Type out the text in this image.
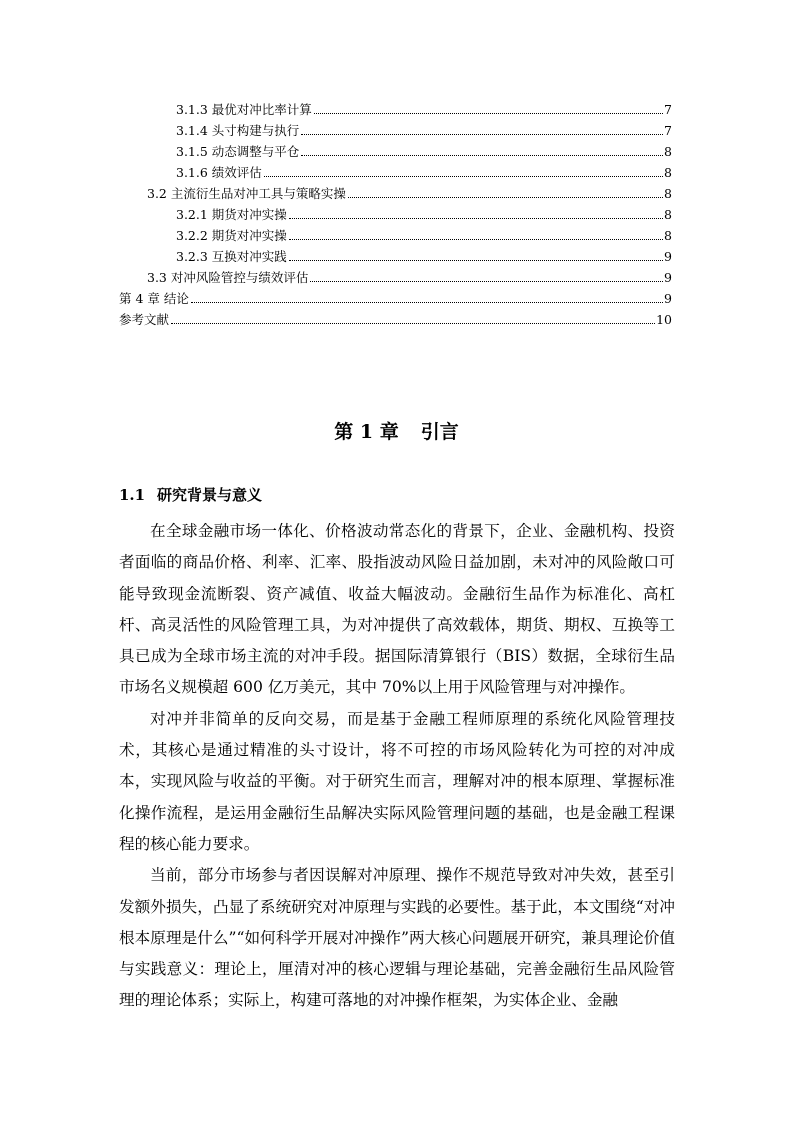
3.1.3 最优对冲比率计算	7
3.1.4 头寸构建与执行	7
3.1.5 动态调整与平仓	8
3.1.6 绩效评估	8
3.2 主流衍生品对冲工具与策略实操	8
3.2.1 期货对冲实操	8
3.2.2 期货对冲实操	8
3.2.3 互换对冲实践	9
3.3 对冲风险管控与绩效评估	9
第 4 章 结论	9
参考文献	10
第 1 章 引言
1.1 研究背景与意义

在全球金融市场一体化、价格波动常态化的背景下，企业、金融机构、投资者面临的商品价格、利率、汇率、股指波动风险日益加剧，未对冲的风险敞口可能导致现金流断裂、资产减值、收益大幅波动。金融衍生品作为标准化、高杠杆、高灵活性的风险管理工具，为对冲提供了高效载体，期货、期权、互换等工具已成为全球市场主流的对冲手段。据国际清算银行（BIS）数据，全球衍生品市场名义规模超 600 亿万美元，其中 70%以上用于风险管理与对冲操作。

对冲并非简单的反向交易，而是基于金融工程师原理的系统化风险管理技术，其核心是通过精准的头寸设计，将不可控的市场风险转化为可控的对冲成本，实现风险与收益的平衡。对于研究生而言，理解对冲的根本原理、掌握标准化操作流程，是运用金融衍生品解决实际风险管理问题的基础，也是金融工程课程的核心能力要求。

当前，部分市场参与者因误解对冲原理、操作不规范导致对冲失效，甚至引发额外损失，凸显了系统研究对冲原理与实践的必要性。基于此，本文围绕“对冲根本原理是什么”“如何科学开展对冲操作”两大核心问题展开研究，兼具理论价值与实践意义：理论上，厘清对冲的核心逻辑与理论基础，完善金融衍生品风险管理的理论体系；实际上，构建可落地的对冲操作框架，为实体企业、金融
